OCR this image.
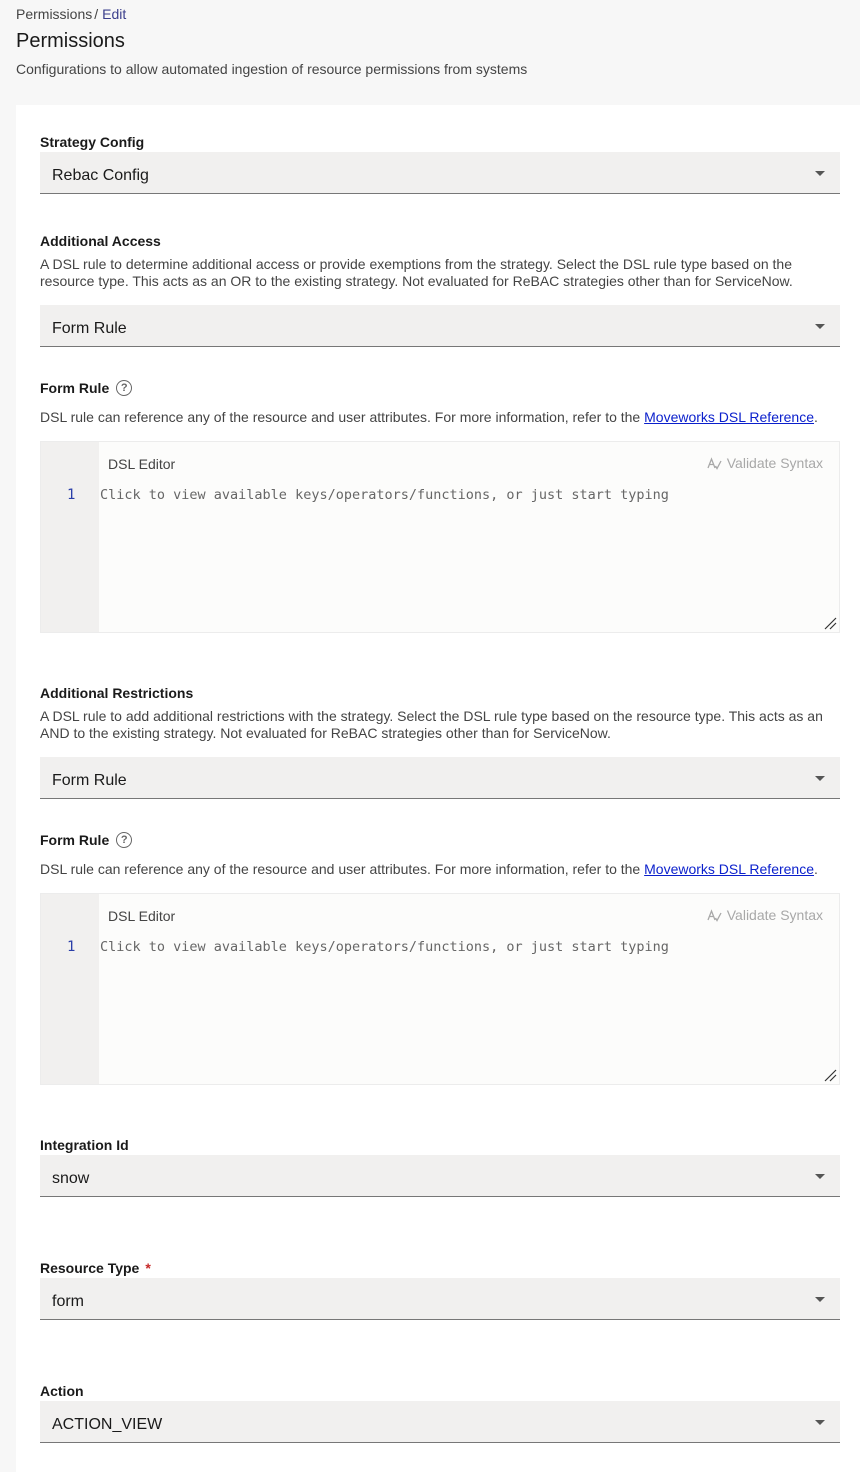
Permissions / Edit
Permissions
Configurations to allow automated ingestion of resource permissions from systems
Strategy Config
Rebac Config
Additional Access
A DSL rule to determine additional access or provide exemptions from the strategy. Select the DSL rule type based on the resource type. This acts as an OR to the existing strategy. Not evaluated for ReBAC strategies other than for ServiceNow.
Form Rule
Form Rule	?
DSL rule can reference any of the resource and user attributes. For more information, refer to the Moveworks DSL Reference.
1
DSL Editor	Validate Syntax
Click to view available keys/operators/functions, or just start typing
Additional Restrictions
A DSL rule to add additional restrictions with the strategy. Select the DSL rule type based on the resource type. This acts as an AND to the existing strategy. Not evaluated for ReBAC strategies other than for ServiceNow.
Form Rule
Form Rule	?
DSL rule can reference any of the resource and user attributes. For more information, refer to the Moveworks DSL Reference.
1
DSL Editor	Validate Syntax
Click to view available keys/operators/functions, or just start typing
Integration Id
snow
Resource Type *
form
Action
ACTION_VIEW
